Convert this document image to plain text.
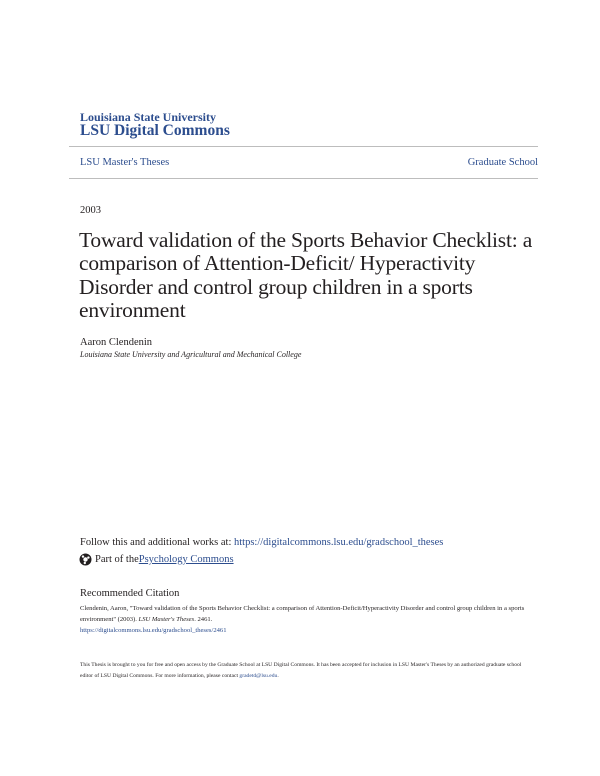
Louisiana State University
LSU Digital Commons
LSU Master's Theses	Graduate School
2003
Toward validation of the Sports Behavior Checklist: a comparison of Attention-Deficit/ Hyperactivity Disorder and control group children in a sports environment
Aaron Clendenin
Louisiana State University and Agricultural and Mechanical College
Follow this and additional works at: https://digitalcommons.lsu.edu/gradschool_theses
Part of the Psychology Commons
Recommended Citation
Clendenin, Aaron, "Toward validation of the Sports Behavior Checklist: a comparison of Attention-Deficit/Hyperactivity Disorder and control group children in a sports environment" (2003). LSU Master's Theses. 2461.
https://digitalcommons.lsu.edu/gradschool_theses/2461
This Thesis is brought to you for free and open access by the Graduate School at LSU Digital Commons. It has been accepted for inclusion in LSU Master's Theses by an authorized graduate school editor of LSU Digital Commons. For more information, please contact gradetd@lsu.edu.
